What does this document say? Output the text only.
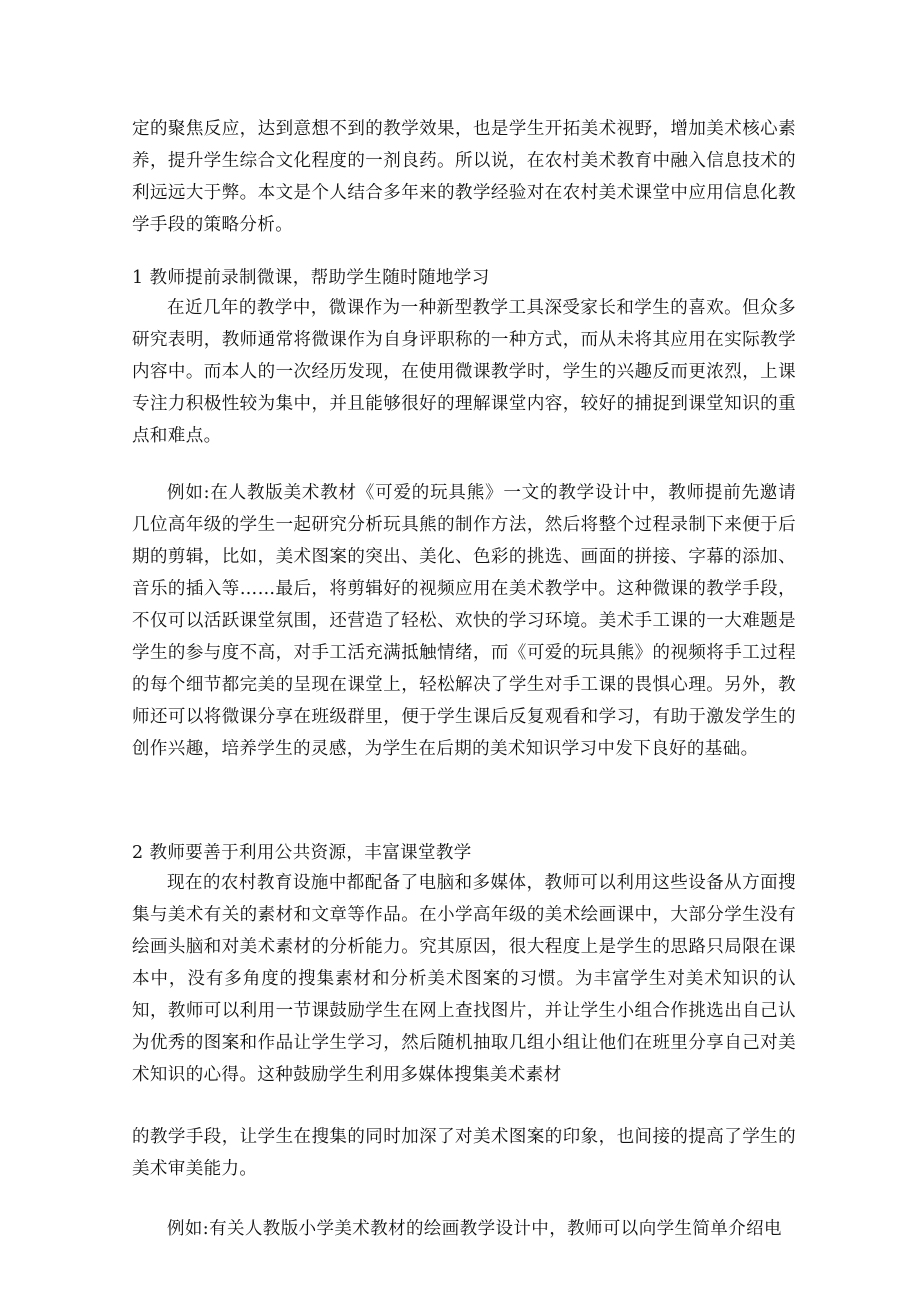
定的聚焦反应，达到意想不到的教学效果，也是学生开拓美术视野，增加美术核心素养，提升学生综合文化程度的一剂良药。所以说，在农村美术教育中融入信息技术的利远远大于弊。本文是个人结合多年来的教学经验对在农村美术课堂中应用信息化教学手段的策略分析。

1 教师提前录制微课，帮助学生随时随地学习

在近几年的教学中，微课作为一种新型教学工具深受家长和学生的喜欢。但众多研究表明，教师通常将微课作为自身评职称的一种方式，而从未将其应用在实际教学内容中。而本人的一次经历发现，在使用微课教学时，学生的兴趣反而更浓烈，上课专注力积极性较为集中，并且能够很好的理解课堂内容，较好的捕捉到课堂知识的重点和难点。

例如:在人教版美术教材《可爱的玩具熊》一文的教学设计中，教师提前先邀请几位高年级的学生一起研究分析玩具熊的制作方法，然后将整个过程录制下来便于后期的剪辑，比如，美术图案的突出、美化、色彩的挑选、画面的拼接、字幕的添加、音乐的插入等……最后，将剪辑好的视频应用在美术教学中。这种微课的教学手段，不仅可以活跃课堂氛围，还营造了轻松、欢快的学习环境。美术手工课的一大难题是学生的参与度不高，对手工活充满抵触情绪，而《可爱的玩具熊》的视频将手工过程的每个细节都完美的呈现在课堂上，轻松解决了学生对手工课的畏惧心理。另外，教师还可以将微课分享在班级群里，便于学生课后反复观看和学习，有助于激发学生的创作兴趣，培养学生的灵感，为学生在后期的美术知识学习中发下良好的基础。

2 教师要善于利用公共资源，丰富课堂教学

现在的农村教育设施中都配备了电脑和多媒体，教师可以利用这些设备从方面搜集与美术有关的素材和文章等作品。在小学高年级的美术绘画课中，大部分学生没有绘画头脑和对美术素材的分析能力。究其原因，很大程度上是学生的思路只局限在课本中，没有多角度的搜集素材和分析美术图案的习惯。为丰富学生对美术知识的认知，教师可以利用一节课鼓励学生在网上查找图片，并让学生小组合作挑选出自己认为优秀的图案和作品让学生学习，然后随机抽取几组小组让他们在班里分享自己对美术知识的心得。这种鼓励学生利用多媒体搜集美术素材

的教学手段，让学生在搜集的同时加深了对美术图案的印象，也间接的提高了学生的美术审美能力。

例如:有关人教版小学美术教材的绘画教学设计中，教师可以向学生简单介绍电
